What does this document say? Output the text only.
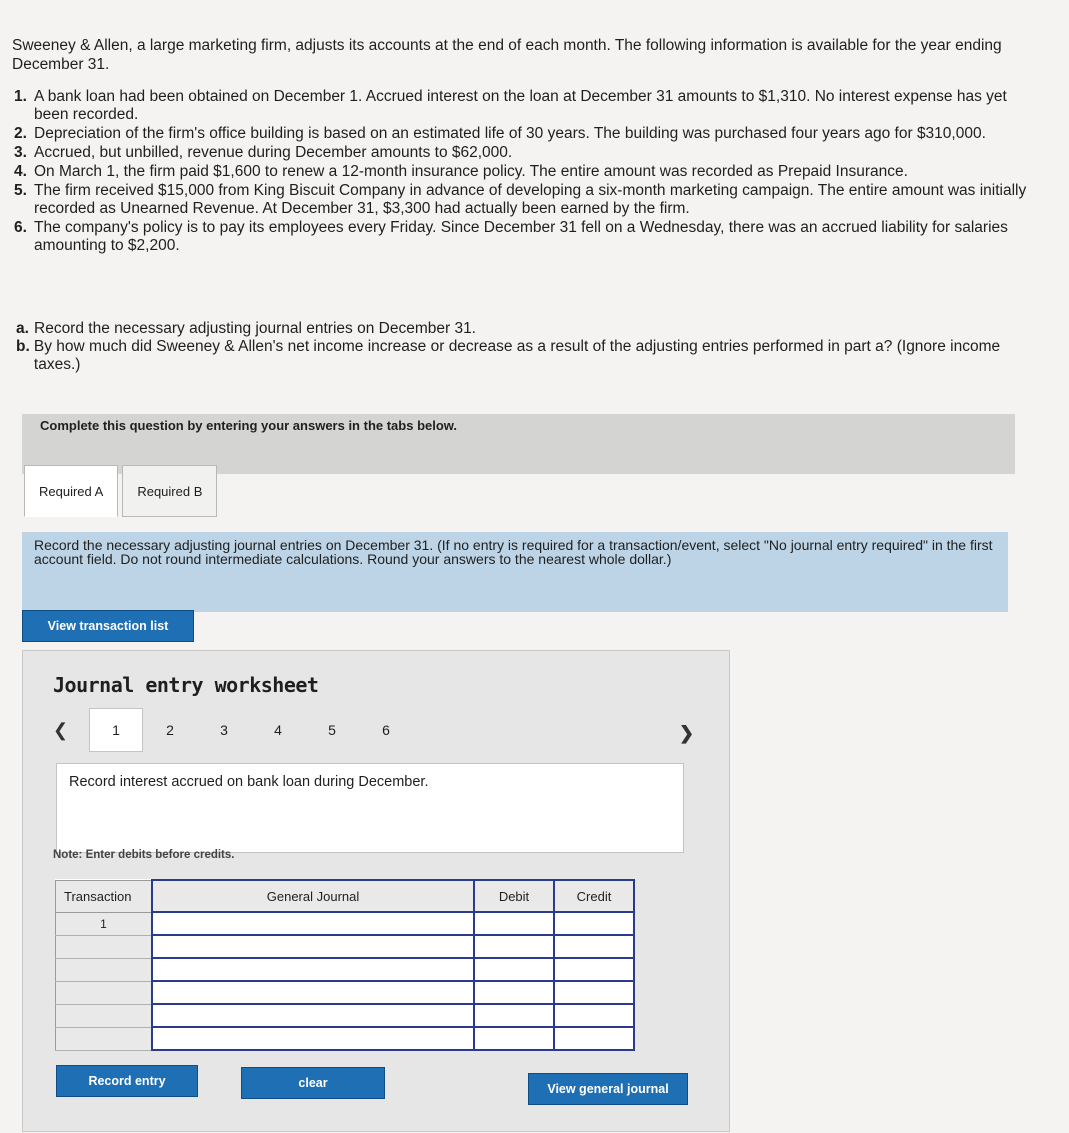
Sweeney & Allen, a large marketing firm, adjusts its accounts at the end of each month. The following information is available for the year ending December 31.
1. A bank loan had been obtained on December 1. Accrued interest on the loan at December 31 amounts to $1,310. No interest expense has yet been recorded.
2. Depreciation of the firm's office building is based on an estimated life of 30 years. The building was purchased four years ago for $310,000.
3. Accrued, but unbilled, revenue during December amounts to $62,000.
4. On March 1, the firm paid $1,600 to renew a 12-month insurance policy. The entire amount was recorded as Prepaid Insurance.
5. The firm received $15,000 from King Biscuit Company in advance of developing a six-month marketing campaign. The entire amount was initially recorded as Unearned Revenue. At December 31, $3,300 had actually been earned by the firm.
6. The company's policy is to pay its employees every Friday. Since December 31 fell on a Wednesday, there was an accrued liability for salaries amounting to $2,200.
a. Record the necessary adjusting journal entries on December 31.
b. By how much did Sweeney & Allen's net income increase or decrease as a result of the adjusting entries performed in part a? (Ignore income taxes.)
Complete this question by entering your answers in the tabs below.
Required A	Required B
Record the necessary adjusting journal entries on December 31. (If no entry is required for a transaction/event, select "No journal entry required" in the first account field. Do not round intermediate calculations. Round your answers to the nearest whole dollar.)
View transaction list
Journal entry worksheet
❮	1	2	3	4	5	6	❯
Record interest accrued on bank loan during December.
Note: Enter debits before credits.
Transaction	General Journal	Debit	Credit
1			

Record entry	clear	View general journal
